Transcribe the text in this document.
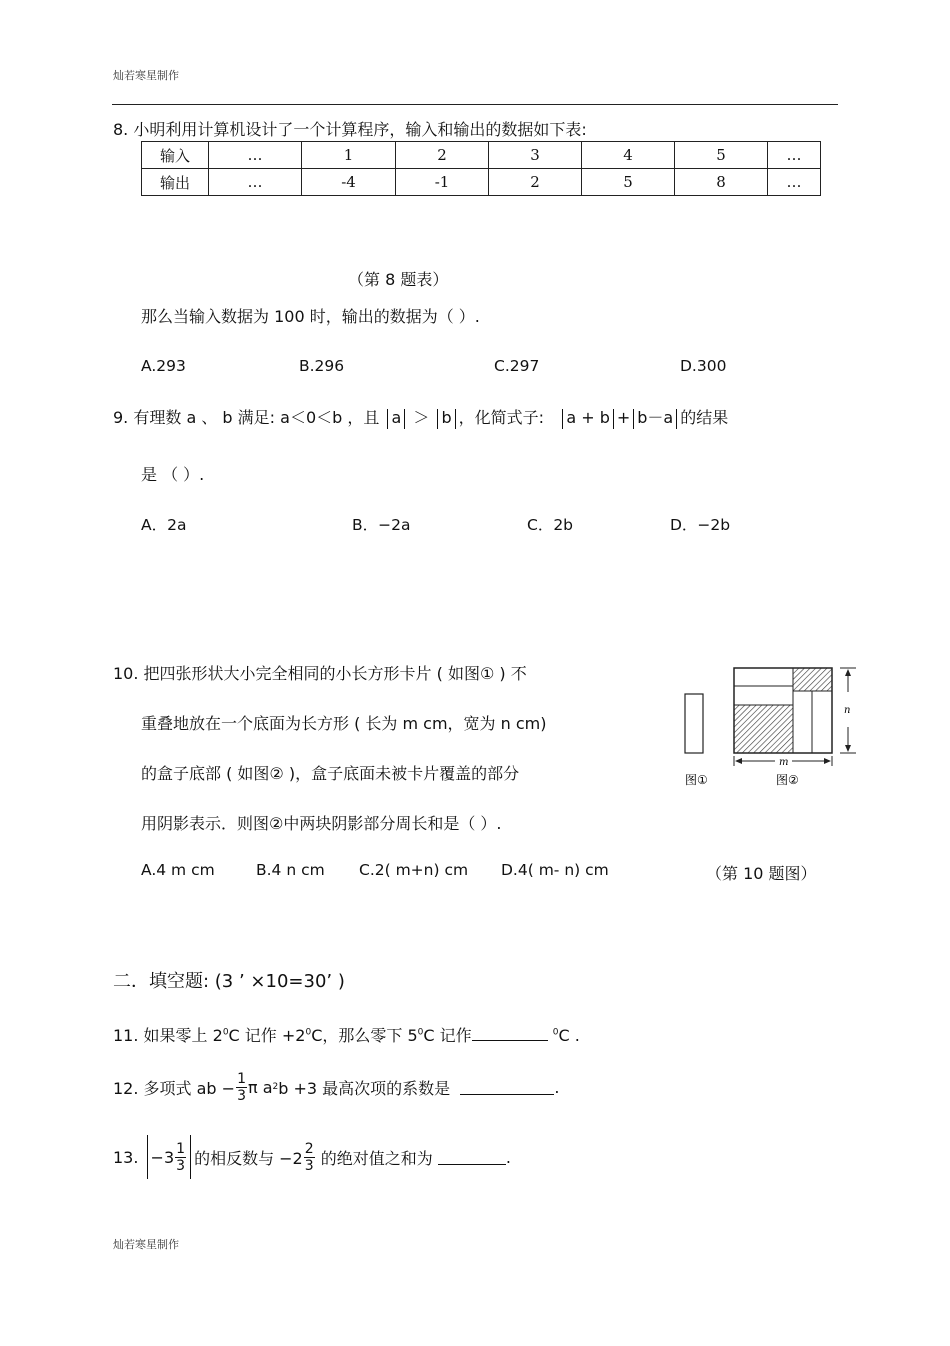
灿若寒星制作
8. 小明利用计算机设计了一个计算程序，输入和输出的数据如下表:
输入	…	1	2	3	4	5	…
输出	…	-4	-1	2	5	8	…
（第 8 题表）
那么当输入数据为 100 时，输出的数据为（ ）.
A.293	B.296	C.297	D.300
9. 有理数 a 、 b 满足: a＜0＜b ，且 a ＞ b ，化简式子: a + b + b－a 的结果
是 （ ）.
A．2a	B．−2a	C．2b	D．−2b
10. 把四张形状大小完全相同的小长方形卡片 ( 如图① ) 不
重叠地放在一个底面为长方形 ( 长为 m cm，宽为 n cm)
的盒子底部 ( 如图② )，盒子底面未被卡片覆盖的部分
用阴影表示．则图②中两块阴影部分周长和是（ ）.
A.4 m cm	B.4 n cm C.2( m+n) cm D.4( m- n) cm	（第 10 题图）
n
m
图①	图②
二．填空题: (3 ’ ×10=30’ )
11. 如果零上 $2^0C$ 记作 $+2^0C$，那么零下 $5^0C$ 记作	$^0$C .
12. 多项式 ab − $\frac{1}{3}$ π a 2 b +3 最高次项的系数是
	.
13.
$-3 \frac{1}{3}$ 的相反数与 $-2 \frac{2}{3}$
的绝对值之和为
	.
灿若寒星制作
